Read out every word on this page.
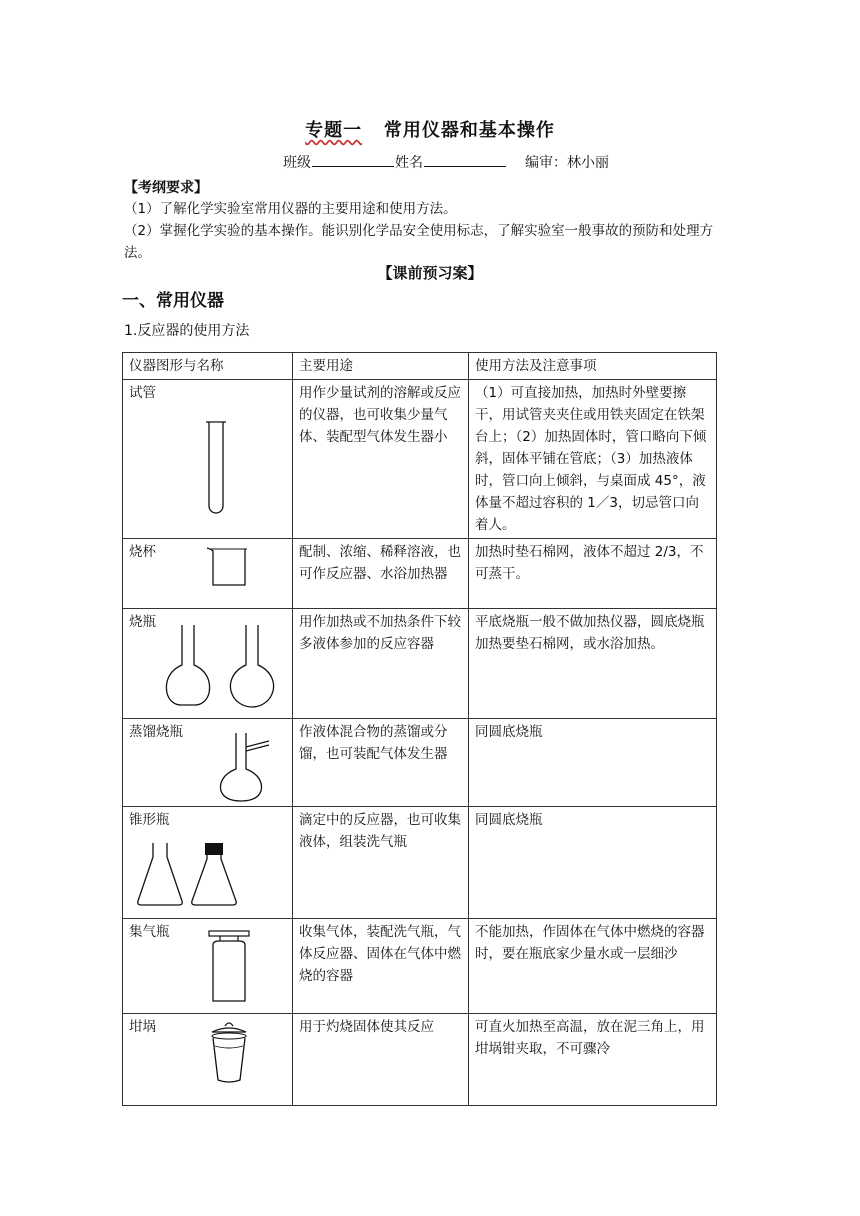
专题一 常用仪器和基本操作
班级	姓名	编审：林小丽
【考纲要求】
（1）了解化学实验室常用仪器的主要用途和使用方法。
（2）掌握化学实验的基本操作。能识别化学品安全使用标志，了解实验室一般事故的预防和处理方法。
【课前预习案】
一、常用仪器
1.反应器的使用方法
仪器图形与名称	主要用途	使用方法及注意事项
试管	用作少量试剂的溶解或反应的仪器，也可收集少量气体、装配型气体发生器小	（1）可直接加热，加热时外壁要擦干，用试管夹夹住或用铁夹固定在铁架台上；（2）加热固体时，管口略向下倾斜，固体平铺在管底；（3）加热液体时，管口向上倾斜，与桌面成 45°，液体量不超过容积的 1／3，切忌管口向着人。
烧杯	配制、浓缩、稀释溶液，也可作反应器、水浴加热器	加热时垫石棉网，液体不超过 2/3，不可蒸干。
烧瓶	用作加热或不加热条件下较多液体参加的反应容器	平底烧瓶一般不做加热仪器，圆底烧瓶加热要垫石棉网，或水浴加热。
蒸馏烧瓶	作液体混合物的蒸馏或分馏，也可装配气体发生器	同圆底烧瓶
锥形瓶	滴定中的反应器，也可收集液体，组装洗气瓶	同圆底烧瓶
集气瓶	收集气体，装配洗气瓶，气体反应器、固体在气体中燃烧的容器	不能加热，作固体在气体中燃烧的容器时，要在瓶底家少量水或一层细沙
坩埚	用于灼烧固体使其反应	可直火加热至高温，放在泥三角上，用坩埚钳夹取，不可骤冷
